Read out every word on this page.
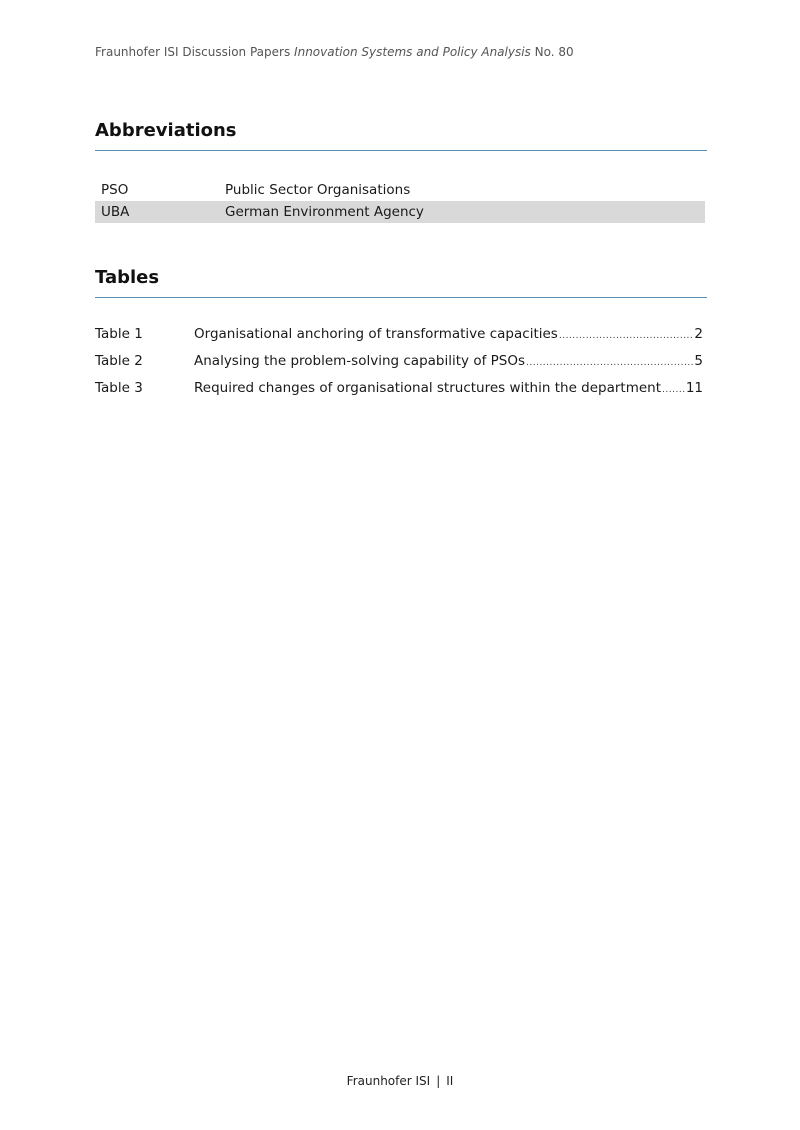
Fraunhofer ISI Discussion Papers Innovation Systems and Policy Analysis No. 80
Abbreviations
PSO	Public Sector Organisations
UBA	German Environment Agency
Tables
Table 1	Organisational anchoring of transformative capacities .....	2
Table 2	Analysing the problem-solving capability of PSOs .....	5
Table 3	Required changes of organisational structures within the department ..... 11
Fraunhofer ISI | II
